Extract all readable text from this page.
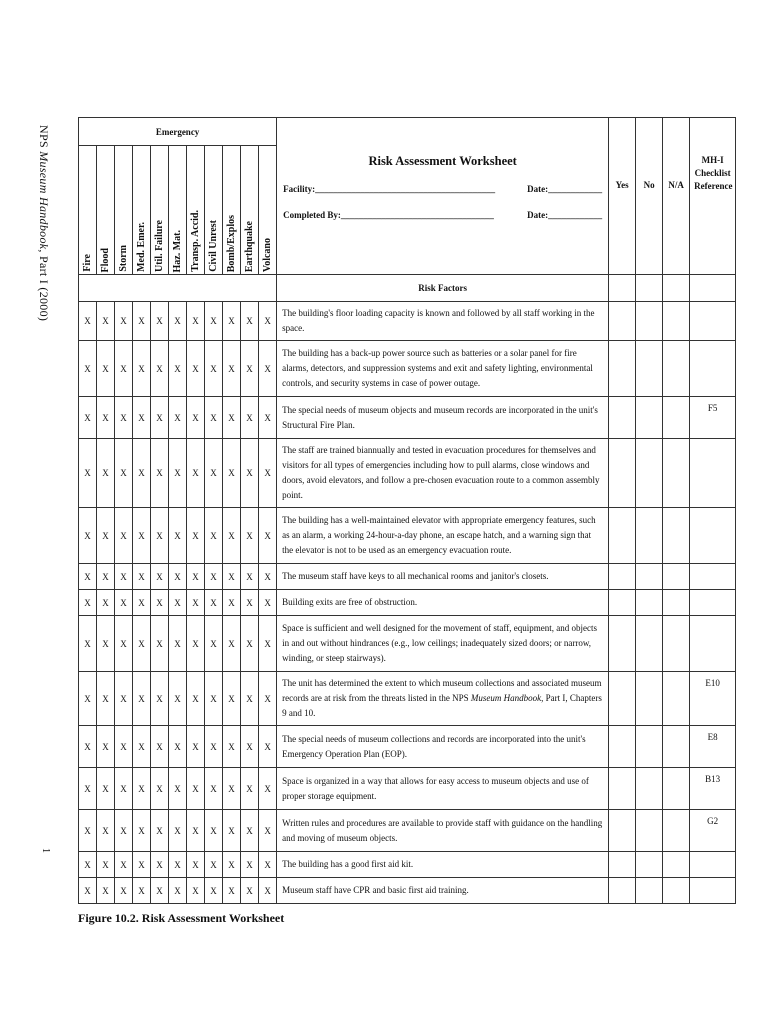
NPS Museum Handbook, Part I (2000)
1
Emergency											Risk Assessment Worksheet
Facility:________________________________________ Date:____________
Completed By:__________________________________ Date:____________	Yes	No	N/A	MH-I Checklist Reference
Fire	Flood	Storm	Med. Emer.	Util. Failure	Haz. Mat.	Transp. Accid.	Civil Unrest	Bomb/Explos	Earthquake	Volcano					
											Risk Factors				
X	X	X	X	X	X	X	X	X	X	X	The building's floor loading capacity is known and followed by all staff working in the space.				
X	X	X	X	X	X	X	X	X	X	X	The building has a back-up power source such as batteries or a solar panel for fire alarms, detectors, and suppression systems and exit and safety lighting, environmental controls, and security systems in case of power outage.				
X	X	X	X	X	X	X	X	X	X	X	The special needs of museum objects and museum records are incorporated in the unit's Structural Fire Plan.				F5
X	X	X	X	X	X	X	X	X	X	X	The staff are trained biannually and tested in evacuation procedures for themselves and visitors for all types of emergencies including how to pull alarms, close windows and doors, avoid elevators, and follow a pre-chosen evacuation route to a common assembly point.				
X	X	X	X	X	X	X	X	X	X	X	The building has a well-maintained elevator with appropriate emergency features, such as an alarm, a working 24-hour-a-day phone, an escape hatch, and a warning sign that the elevator is not to be used as an emergency evacuation route.				
X	X	X	X	X	X	X	X	X	X	X	The museum staff have keys to all mechanical rooms and janitor's closets.				
X	X	X	X	X	X	X	X	X	X	X	Building exits are free of obstruction.				
X	X	X	X	X	X	X	X	X	X	X	Space is sufficient and well designed for the movement of staff, equipment, and objects in and out without hindrances (e.g., low ceilings; inadequately sized doors; or narrow, winding, or steep stairways).				
X	X	X	X	X	X	X	X	X	X	X	The unit has determined the extent to which museum collections and associated museum records are at risk from the threats listed in the NPS Museum Handbook, Part I, Chapters 9 and 10.				E10
X	X	X	X	X	X	X	X	X	X	X	The special needs of museum collections and records are incorporated into the unit's Emergency Operation Plan (EOP).				E8
X	X	X	X	X	X	X	X	X	X	X	Space is organized in a way that allows for easy access to museum objects and use of proper storage equipment.				B13
X	X	X	X	X	X	X	X	X	X	X	Written rules and procedures are available to provide staff with guidance on the handling and moving of museum objects.				G2
X	X	X	X	X	X	X	X	X	X	X	The building has a good first aid kit.				
X	X	X	X	X	X	X	X	X	X	X	Museum staff have CPR and basic first aid training.				
Figure 10.2. Risk Assessment Worksheet
